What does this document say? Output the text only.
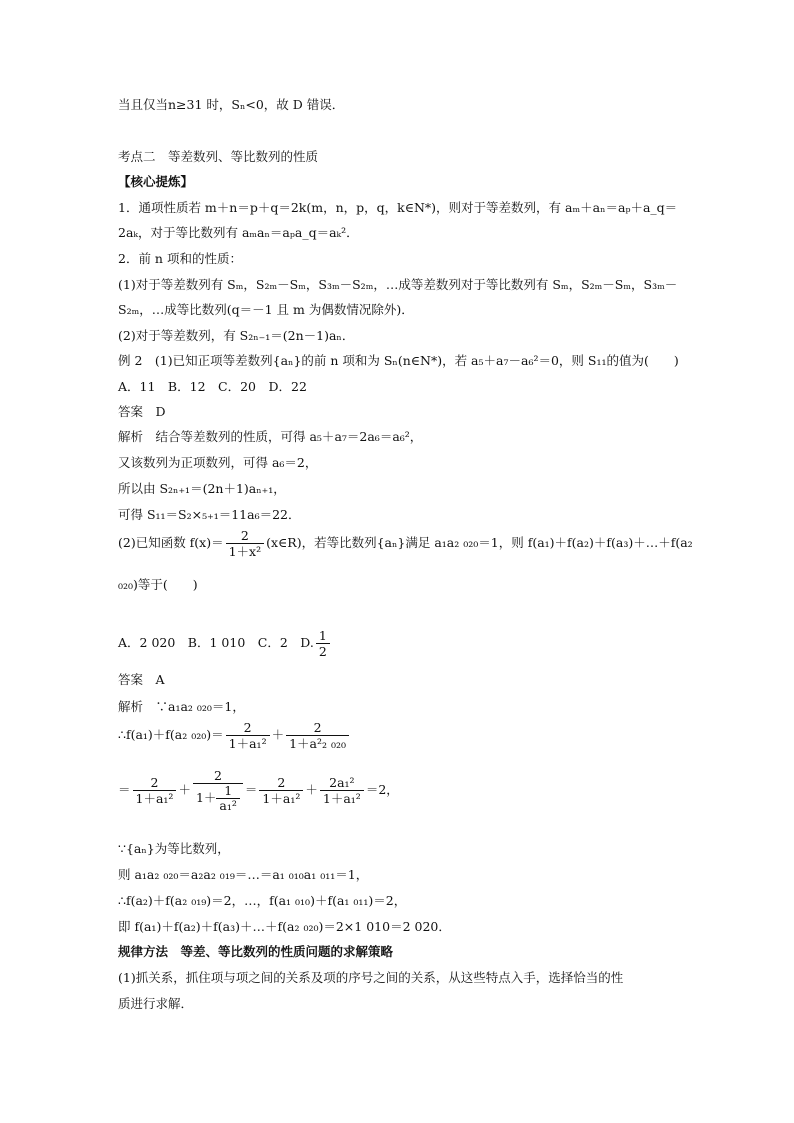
当且仅当n≥31 时，Sₙ<0，故 D 错误．
考点二　等差数列、等比数列的性质
【核心提炼】
1．通项性质若 m＋n＝p＋q＝2k(m，n，p，q，k∈N*)，则对于等差数列，有 aₘ＋aₙ＝aₚ＋a_q＝
2aₖ，对于等比数列有 aₘaₙ＝aₚa_q＝aₖ²．
2．前 n 项和的性质：
(1)对于等差数列有 Sₘ，S₂ₘ－Sₘ，S₃ₘ－S₂ₘ，…成等差数列对于等比数列有 Sₘ，S₂ₘ－Sₘ，S₃ₘ－
S₂ₘ，…成等比数列(q＝－1 且 m 为偶数情况除外)．
(2)对于等差数列，有 S₂ₙ₋₁＝(2n－1)aₙ．
例 2　(1)已知正项等差数列{aₙ}的前 n 项和为 Sₙ(n∈N*)，若 a₅＋a₇－a₆²＝0，则 S₁₁的值为(　　)
A．11　B．12　C．20　D．22
答案　D
解析　结合等差数列的性质，可得 a₅＋a₇＝2a₆＝a₆²，
又该数列为正项数列，可得 a₆＝2，
所以由 S₂ₙ₊₁＝(2n＋1)aₙ₊₁，
可得 S₁₁＝S₂×₅₊₁＝11a₆＝22．
(2)已知函数 $f(x)= \frac{2}{\text{1＋x²}}$ (x∈R)，若等比数列{aₙ}满足 a₁a₂ ₀₂₀＝1，则 f(a₁)＋f(a₂)＋f(a₃)＋…＋f(a₂
₀₂₀)等于(　　)
A．2 020　B．1 010　C．2　D. $\frac{1}{2}$
答案　A
解析　∵a₁a₂ ₀₂₀＝1，
∴f(a₁)＋f(a₂ $_{020})= \frac{2}{\text{1＋a₁²}} + \frac{2}{\text{1＋a²₂ ₀₂₀}}$
＝ $\frac{2}{\text{1＋a₁²}} + \frac{2}{1+ \frac{1}{\text{a₁²}}} = \frac{2}{\text{1＋a₁²}} + \frac{\text{2a₁²}}{\text{1＋a₁²}} =2$，
∵{aₙ}为等比数列，
则 a₁a₂ ₀₂₀＝a₂a₂ ₀₁₉＝…＝a₁ ₀₁₀a₁ ₀₁₁＝1，
∴f(a₂)＋f(a₂ ₀₁₉)＝2，…，f(a₁ ₀₁₀)＋f(a₁ ₀₁₁)＝2，
即 f(a₁)＋f(a₂)＋f(a₃)＋…＋f(a₂ ₀₂₀)＝2×1 010＝2 020．
规律方法　等差、等比数列的性质问题的求解策略
(1)抓关系，抓住项与项之间的关系及项的序号之间的关系，从这些特点入手，选择恰当的性
质进行求解．
